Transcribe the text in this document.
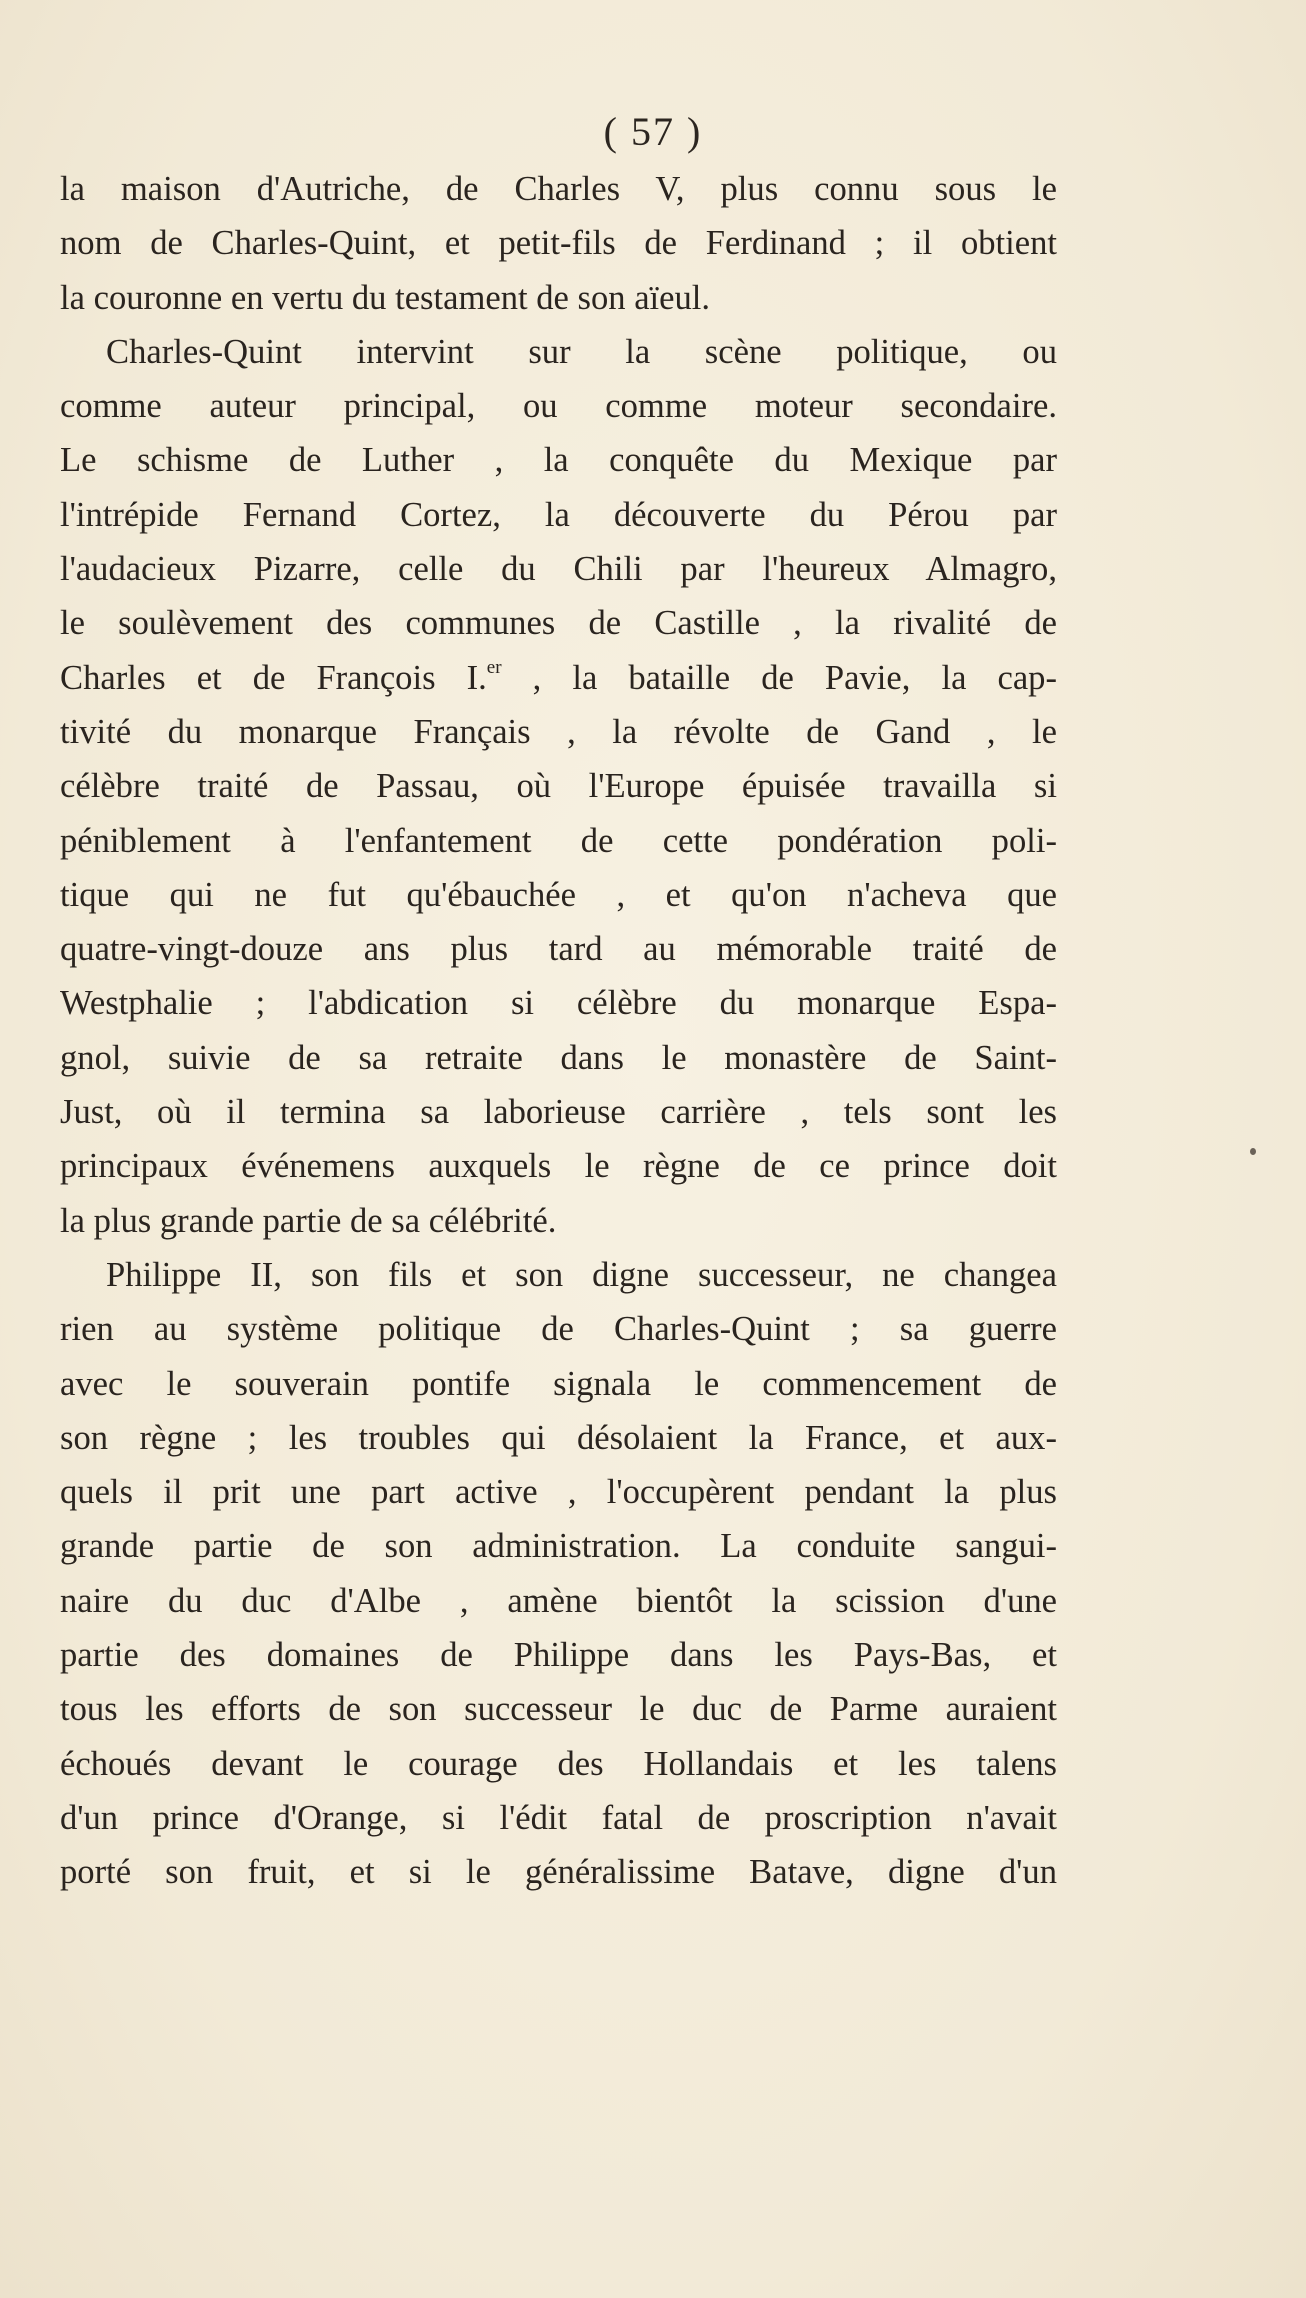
( 57 )
la maison d'Autriche, de Charles V, plus connu sous le
nom de Charles-Quint, et petit-fils de Ferdinand ; il obtient
la couronne en vertu du testament de son aïeul.
Charles-Quint intervint sur la scène politique, ou
comme auteur principal, ou comme moteur secondaire.
Le schisme de Luther , la conquête du Mexique par
l'intrépide Fernand Cortez, la découverte du Pérou par
l'audacieux Pizarre, celle du Chili par l'heureux Almagro,
le soulèvement des communes de Castille , la rivalité de
Charles et de François I.$^{er}$ , la bataille de Pavie, la cap-
tivité du monarque Français , la révolte de Gand , le
célèbre traité de Passau, où l'Europe épuisée travailla si
péniblement à l'enfantement de cette pondération poli-
tique qui ne fut qu'ébauchée , et qu'on n'acheva que
quatre-vingt-douze ans plus tard au mémorable traité de
Westphalie ; l'abdication si célèbre du monarque Espa-
gnol, suivie de sa retraite dans le monastère de Saint-
Just, où il termina sa laborieuse carrière , tels sont les
principaux événemens auxquels le règne de ce prince doit
la plus grande partie de sa célébrité.
Philippe II, son fils et son digne successeur, ne changea
rien au système politique de Charles-Quint ; sa guerre
avec le souverain pontife signala le commencement de
son règne ; les troubles qui désolaient la France, et aux-
quels il prit une part active , l'occupèrent pendant la plus
grande partie de son administration. La conduite sangui-
naire du duc d'Albe , amène bientôt la scission d'une
partie des domaines de Philippe dans les Pays-Bas, et
tous les efforts de son successeur le duc de Parme auraient
échoués devant le courage des Hollandais et les talens
d'un prince d'Orange, si l'édit fatal de proscription n'avait
porté son fruit, et si le généralissime Batave, digne d'un
